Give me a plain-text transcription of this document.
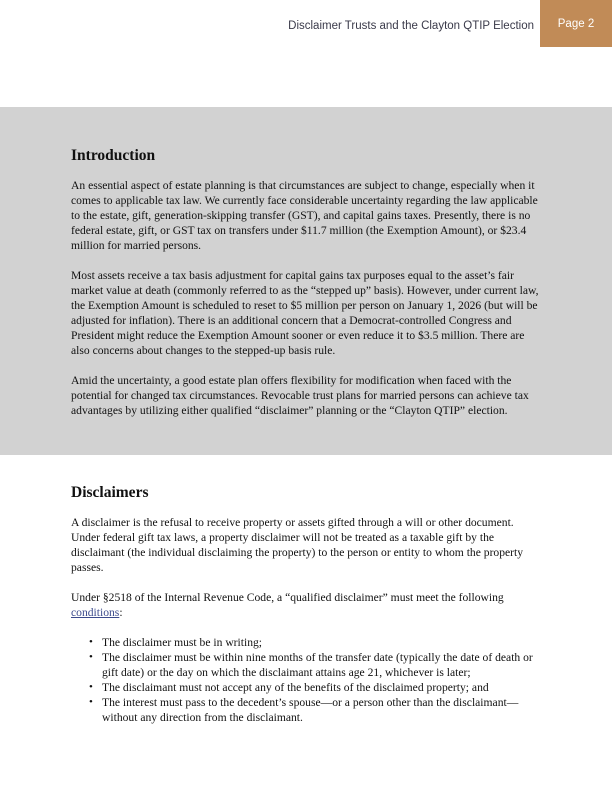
Disclaimer Trusts and the Clayton QTIP Election	Page 2
Introduction

An essential aspect of estate planning is that circumstances are subject to change, especially when it comes to applicable tax law. We currently face considerable uncertainty regarding the law applicable to the estate, gift, generation-skipping transfer (GST), and capital gains taxes. Presently, there is no federal estate, gift, or GST tax on transfers under $11.7 million (the Exemption Amount), or $23.4 million for married persons.

Most assets receive a tax basis adjustment for capital gains tax purposes equal to the asset’s fair market value at death (commonly referred to as the “stepped up” basis). However, under current law, the Exemption Amount is scheduled to reset to $5 million per person on January 1, 2026 (but will be adjusted for inflation). There is an additional concern that a Democrat-controlled Congress and President might reduce the Exemption Amount sooner or even reduce it to $3.5 million. There are also concerns about changes to the stepped-up basis rule.

Amid the uncertainty, a good estate plan offers flexibility for modification when faced with the potential for changed tax circumstances. Revocable trust plans for married persons can achieve tax advantages by utilizing either qualified “disclaimer” planning or the “Clayton QTIP” election.

Disclaimers

A disclaimer is the refusal to receive property or assets gifted through a will or other document. Under federal gift tax laws, a property disclaimer will not be treated as a taxable gift by the disclaimant (the individual disclaiming the property) to the person or entity to whom the property passes.

Under §2518 of the Internal Revenue Code, a “qualified disclaimer” must meet the following conditions:

• The disclaimer must be in writing;
• The disclaimer must be within nine months of the transfer date (typically the date of death or gift date) or the day on which the disclaimant attains age 21, whichever is later;
• The disclaimant must not accept any of the benefits of the disclaimed property; and
• The interest must pass to the decedent’s spouse—or a person other than the disclaimant—without any direction from the disclaimant.
